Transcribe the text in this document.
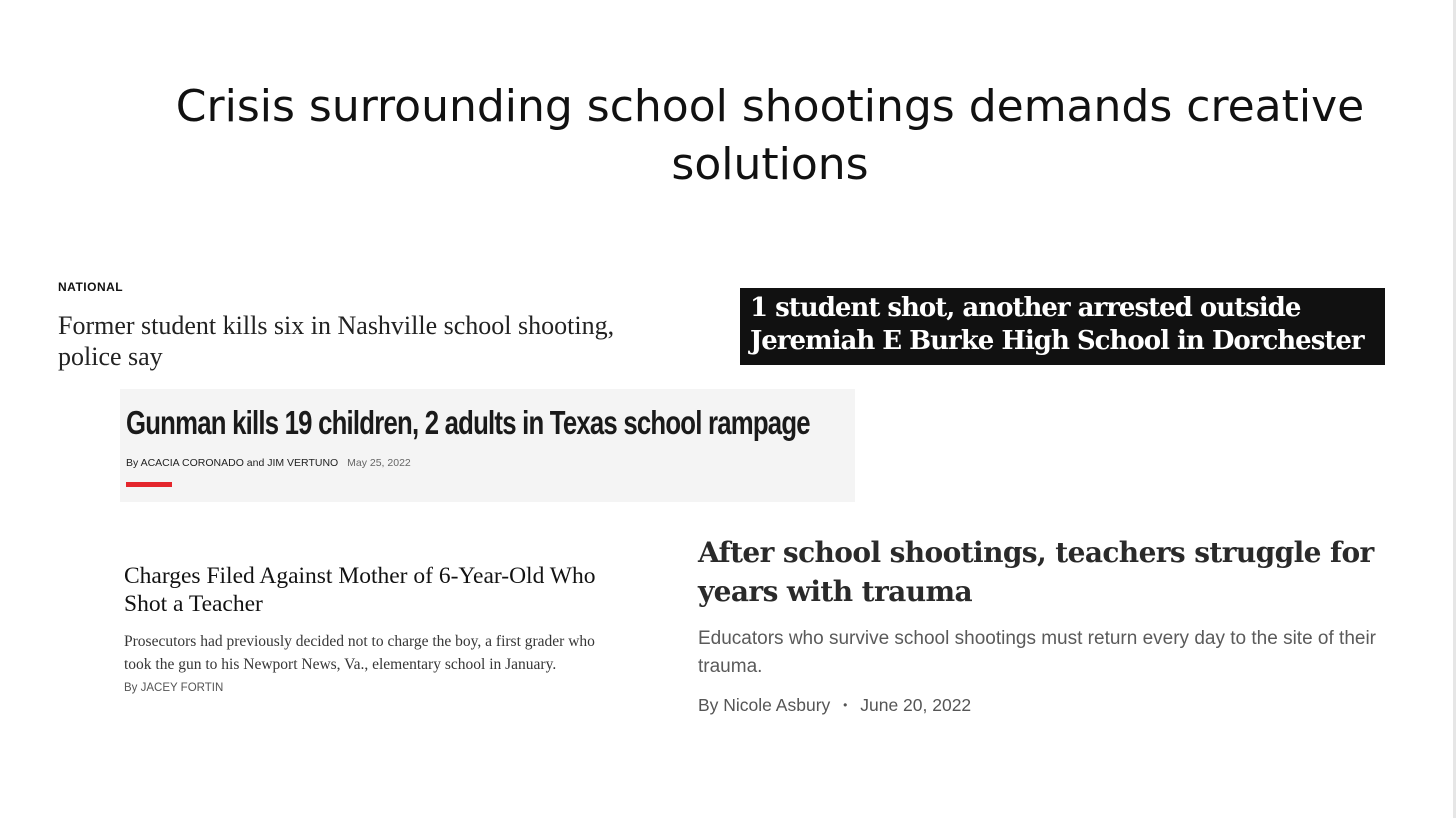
Crisis surrounding school shootings demands creative solutions
NATIONAL

Former student kills six in Nashville school shooting, police say

1 student shot, another arrested outside
Jeremiah E Burke High School in Dorchester

Gunman kills 19 children, 2 adults in Texas school rampage

By ACACIA CORONADO and JIM VERTUNO May 25, 2022

Charges Filed Against Mother of 6-Year-Old Who Shot a Teacher

Prosecutors had previously decided not to charge the boy, a first grader who took the gun to his Newport News, Va., elementary school in January.
By JACEY FORTIN

After school shootings, teachers struggle for years with trauma

Educators who survive school shootings must return every day to the site of their trauma.
By Nicole Asbury • June 20, 2022
